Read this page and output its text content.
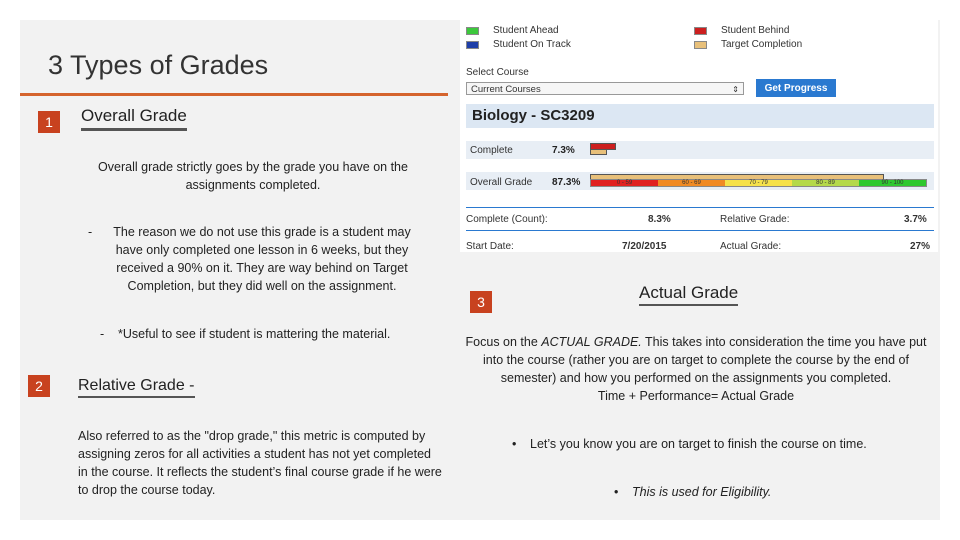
3 Types of Grades
1	Overall Grade
Overall grade strictly goes by the grade you have on the assignments completed.
-	The reason we do not use this grade is a student may have only completed one lesson in 6 weeks, but they received a 90% on it. They are way behind on Target Completion, but they did well on the assignment.
-	*Useful to see if student is mattering the material.
2	Relative Grade -
Also referred to as the "drop grade," this metric is computed by assigning zeros for all activities a student has not yet completed in the course. It reflects the student’s final course grade if he were to drop the course today.
3	Actual Grade
Focus on the ACTUAL GRADE. This takes into consideration the time you have put into the course (rather you are on target to complete the course by the end of semester) and how you performed on the assignments you completed.
Time + Performance= Actual Grade
•	Let’s you know you are on target to finish the course on time.
•	This is used for Eligibility.
Student Ahead
Student On Track
Student Behind
Target Completion
Select Course
Current Courses	⇕	Get Progress
Biology - SC3209
Complete	7.3%
Overall Grade 87.3%	0 - 59	60 - 69	70 - 79	80 - 89	90 - 100
Complete (Count):	8.3%	Relative Grade:	3.7%
Start Date:	7/20/2015	Actual Grade:	27%
